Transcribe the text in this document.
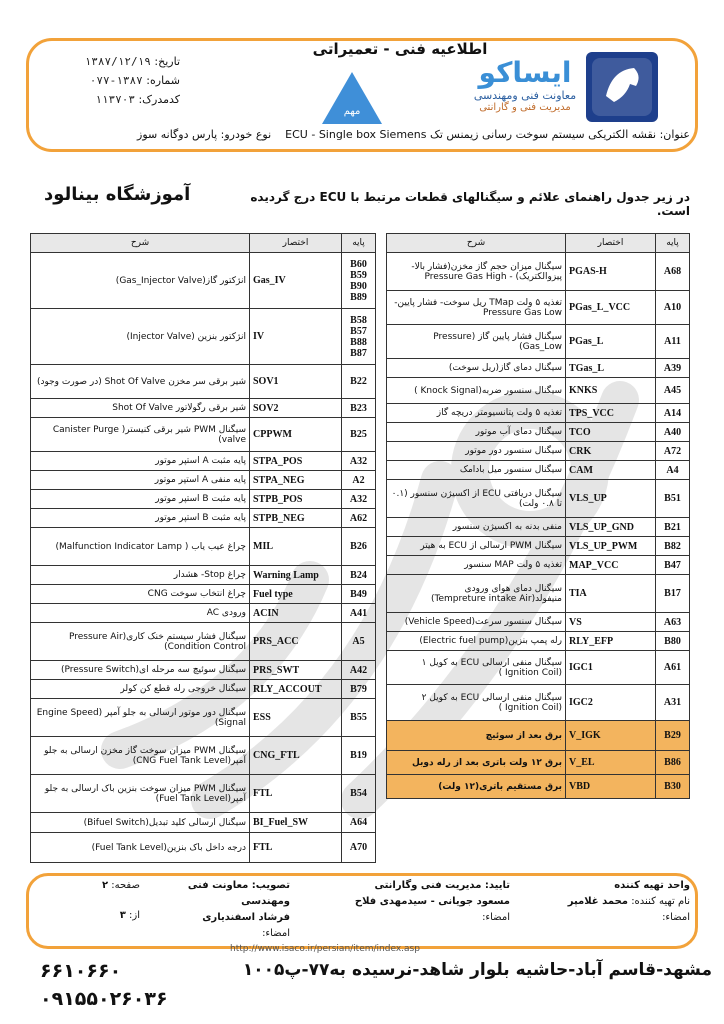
ایساکو
معاونت فنی ومهندسی
مدیریت فنی و گارانتی
اطلاعیه فنی - تعمیراتی
مهم
تاریخ: ۱۳۸۷/۱۲/۱۹
شماره: ۱۳۸۷-۰۷۷
کدمدرک: ۱۱۳۷۰۳
عنوان: نقشه الکتریکی سیستم سوخت رسانی زیمنس تک ECU - Single box Siemens    نوع خودرو: پارس دوگانه سوز
آموزشگاه بینالود	در زیر جدول راهنمای علائم و سیگنالهای قطعات مرتبط با ECU درج گردیده است.
پایه	اختصار	شرح
A68	PGAS-H	سیگنال میزان حجم گاز مخزن(فشار بالا-پیزوالکتریک) - Pressure Gas High
A10	PGas_L_VCC	تغذیه ۵ ولت TMap ریل سوخت- فشار پایین- Pressure Gas Low
A11	PGas_L	سیگنال فشار پایین گاز (Pressure Gas_Low)
A39	TGas_L	سیگنال دمای گاز(ریل سوخت)
A45	KNKS	سیگنال سنسور ضربه(Knock Signal )
A14	TPS_VCC	تغذیه ۵ ولت پتانسیومتر دریچه گاز
A40	TCO	سیگنال دمای آب موتور
A72	CRK	سیگنال سنسور دور موتور
A4	CAM	سیگنال سنسور میل بادامک
B51	VLS_UP	سیگنال دریافتی ECU از اکسیژن سنسور (۰.۱ تا ۰.۸ ولت)
B21	VLS_UP_GND	منفی بدنه به اکسیژن سنسور
B82	VLS_UP_PWM	سیگنال PWM ارسالی از ECU به هیتر
B47	MAP_VCC	تغذیه ۵ ولت MAP سنسور
B17	TIA	سیگنال دمای هوای ورودی منیفولد(Tempreture intake Air)
A63	VS	سیگنال سنسور سرعت(Vehicle Speed)
B80	RLY_EFP	رله پمپ بنزین(Electric fuel pump)
A61	IGC1	سیگنال منفی ارسالی ECU به کویل ۱ (Ignition Coil )
A31	IGC2	سیگنال منفی ارسالی ECU به کویل ۲ (Ignition Coil )
B29	V_IGK	برق بعد از سوئیچ
B86	V_EL	برق ۱۲ ولت باتری بعد از رله دوبل
B30	VBD	برق مستقیم باتری(۱۲ ولت)
پایه	اختصار	شرح
B60 B59 B90 B89	Gas_IV	انژکتور گاز(Gas_Injector Valve)
B58 B57 B88 B87	IV	انژکتور بنزین (Injector Valve)
B22	SOV1	شیر برقی سر مخزن Shot Of Valve (در صورت وجود)
B23	SOV2	شیر برقی رگولاتور Shot Of Valve
B25	CPPWM	سیگنال PWM شیر برقی کنیستر( Canister Purge valve)
A32	STPA_POS	پایه مثبت A استپر موتور
A2	STPA_NEG	پایه منفی A استپر موتور
A32	STPB_POS	پایه مثبت B استپر موتور
A62	STPB_NEG	پایه مثبت B استپر موتور
B26	MIL	چراغ عیب یاب ( Malfunction Indicator Lamp)
B24	Warning Lamp	چراغ Stop- هشدار
B49	Fuel type	چراغ انتخاب سوخت CNG
A41	ACIN	ورودی AC
A5	PRS_ACC	سیگنال فشار سیستم خنک کاری(Pressure Air Condition Control)
A42	PRS_SWT	سیگنال سوئیچ سه مرحله ای(Pressure Switch)
B79	RLY_ACCOUT	سیگنال خروجی رله قطع کن کولر
B55	ESS	سیگنال دور موتور ارسالی به جلو آمپر (Engine Speed Signal)
B19	CNG_FTL	سیگنال PWM میزان سوخت گاز مخزن ارسالی به جلو آمپر(CNG Fuel Tank Level)
B54	FTL	سیگنال PWM میزان سوخت بنزین باک ارسالی به جلو آمپر(Fuel Tank Level)
A64	BI_Fuel_SW	سیگنال ارسالی کلید تبدیل(Bifuel Switch)
A70	FTL	درجه داخل باک بنزین(Fuel Tank Level)
واحد تهیه کننده
نام تهیه کننده: محمد غلامپر
امضاء:
تایید: مدیریت فنی وگارانتی
مسعود جویانی - سیدمهدی فلاح
امضاء:
تصویب: معاونت فنی ومهندسی
فرشاد اسفندیاری
امضاء:
صفحه: ۲
از: ۳
http://www.isaco.ir/persian/item/index.asp
مشهد-قاسم آباد-حاشیه بلوار شاهد-نرسیده به۷۷-پ۱۰۰۵
۶۶۱۰۶۶۰
۰۹۱۵۵۰۲۶۰۳۶
